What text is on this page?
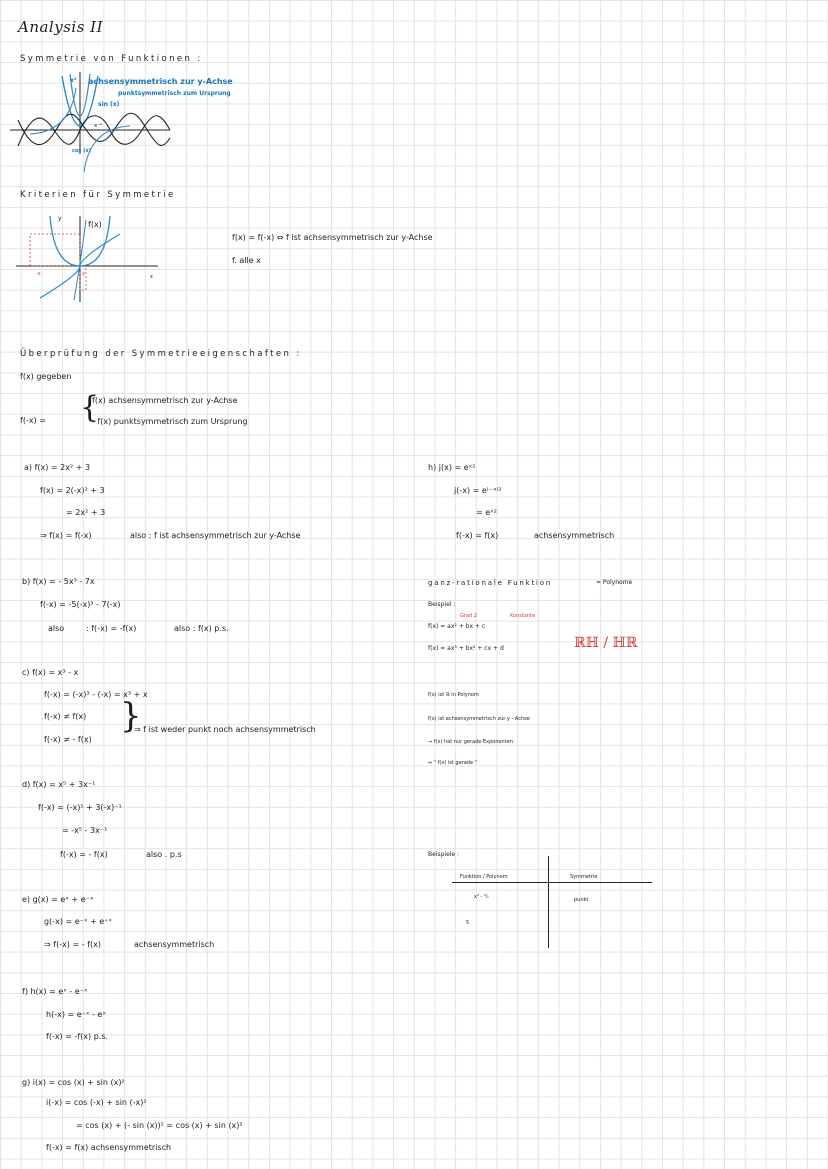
Analysis II
Symmetrie von Funktionen :
x² achsensymmetrisch zur y-Achse
punktsymmetrisch zum Ursprung
sin (x)
x⁻¹
cos (x)
Kriterien für Symmetrie
y
f(x)
-x	x	x
f(x) = f(-x) ⇔ f ist achsensymmetrisch zur y-Achse
f. alle x
Überprüfung der Symmetrieeigenschaften :
f(x) gegeben
f(-x) = {
f(x) achsensymmetrisch zur y-Achse
- f(x) punktsymmetrisch zum Ursprung
a) f(x) = 2x² + 3
f(x) = 2(-x)² + 3
= 2x² + 3
⇒ f(x) = f(-x)	also : f ist achsensymmetrisch zur y-Achse
b) f(x) = - 5x³ - 7x
f(-x) = -5(-x)³ - 7(-x)
also	: f(-x) = -f(x)	also : f(x) p.s.
c) f(x) = x³ - x
f(-x) = (-x)³ - (-x) = x³ + x
f(-x) ≠ f(x)
f(-x) ≠ - f(x)
}
⇒ f ist weder punkt noch achsensymmetrisch
d) f(x) = x⁵ + 3x⁻¹
f(-x) = (-x)⁵ + 3(-x)⁻¹
= -x⁵ - 3x⁻¹
f(-x) = - f(x)	also . p.s
e) g(x) = eˣ + e⁻ˣ
g(-x) = e⁻ˣ + e⁺ˣ
⇒ f(-x) = - f(x)	achsensymmetrisch
f) h(x) = eˣ - e⁻ˣ
h(-x) = e⁻ˣ - eˣ
f(-x) = -f(x) p.s.
g) i(x) = cos (x) + sin (x)²
i(-x) = cos (-x) + sin (-x)²
= cos (x) + (- sin (x))² = cos (x) + sin (x)²
f(-x) = f(x) achsensymmetrisch
h) j(x) = eˣ²
j(-x) = e⁽⁻ˣ⁾²
= eˣ²
f(-x) = f(x)	achsensymmetrisch
ganz-rationale Funktion	= Polynome
Beispiel :
Grad 2	Konstante
f(x) = ax² + bx + c
f(x) = ax³ + bx² + cx + d	ℝℍ / ℍℝ
f(x) ist ℝ in Polynom
f(x) ist achsensymmetrisch zur y - Achse
⇒ f(x) hat nur gerade Exponenten
⇔ " f(x) ist gerade "
Beispiele :
Funktion / Polynom	Symmetrie
x³ - ¹⁄ₓ	punkt
5
